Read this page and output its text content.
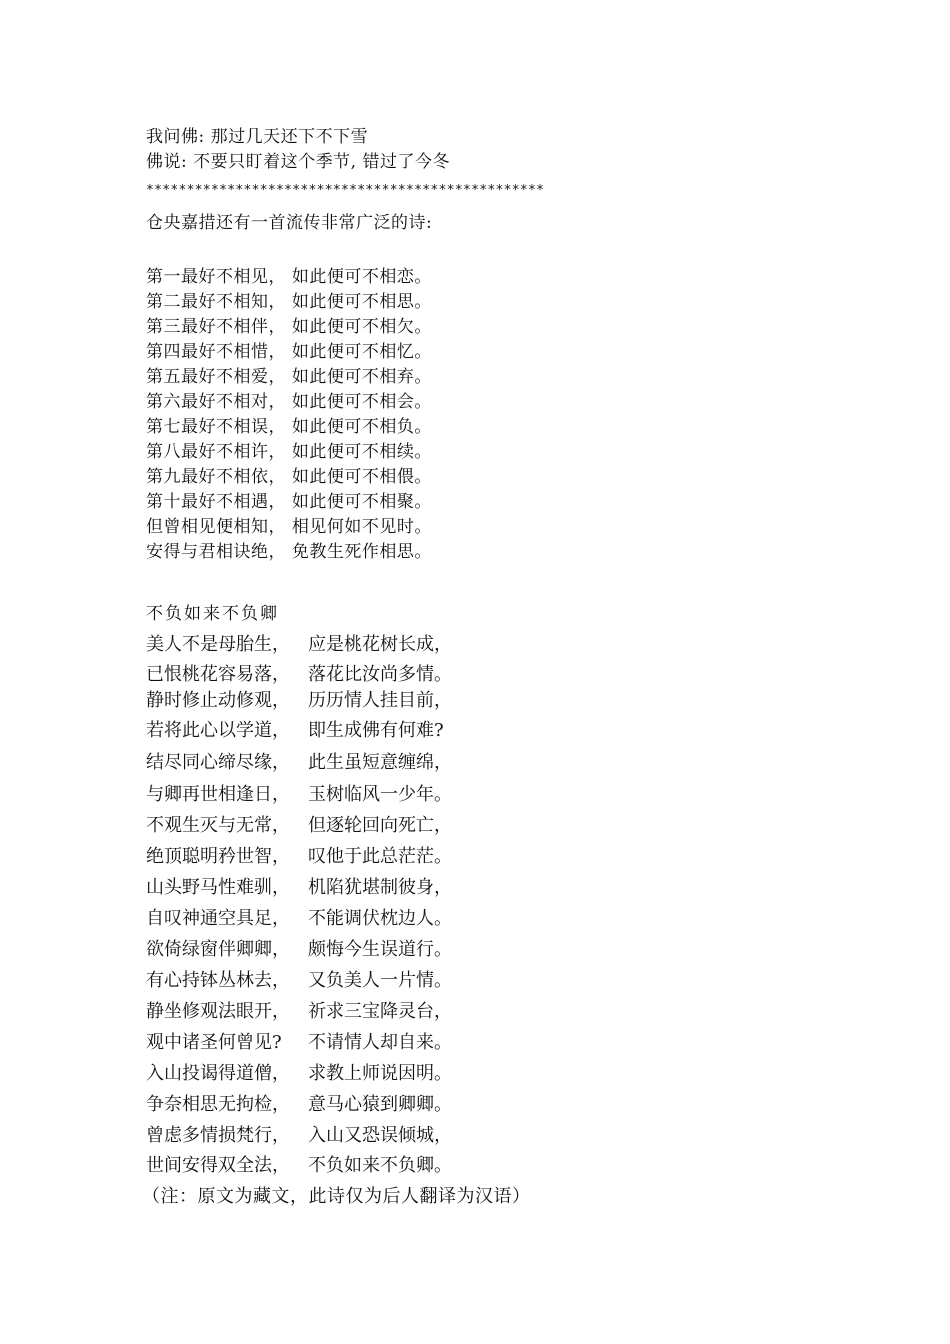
我问佛: 那过几天还下不下雪
佛说: 不要只盯着这个季节, 错过了今冬
*************************************************
仓央嘉措还有一首流传非常广泛的诗:
第一最好不相见， 如此便可不相恋。
第二最好不相知， 如此便可不相思。
第三最好不相伴， 如此便可不相欠。
第四最好不相惜， 如此便可不相忆。
第五最好不相爱， 如此便可不相弃。
第六最好不相对， 如此便可不相会。
第七最好不相误， 如此便可不相负。
第八最好不相许， 如此便可不相续。
第九最好不相依， 如此便可不相偎。
第十最好不相遇， 如此便可不相聚。
但曾相见便相知， 相见何如不见时。
安得与君相诀绝， 免教生死作相思。
不负如来不负卿
美人不是母胎生， 应是桃花树长成，
已恨桃花容易落， 落花比汝尚多情。
静时修止动修观， 历历情人挂目前，
若将此心以学道， 即生成佛有何难?
结尽同心缔尽缘， 此生虽短意缠绵，
与卿再世相逢日， 玉树临风一少年。
不观生灭与无常， 但逐轮回向死亡，
绝顶聪明矜世智， 叹他于此总茫茫。
山头野马性难驯， 机陷犹堪制彼身，
自叹神通空具足， 不能调伏枕边人。
欲倚绿窗伴卿卿， 颇悔今生误道行。
有心持钵丛林去， 又负美人一片情。
静坐修观法眼开， 祈求三宝降灵台，
观中诸圣何曾见? 不请情人却自来。
入山投谒得道僧， 求教上师说因明。
争奈相思无拘检， 意马心猿到卿卿。
曾虑多情损梵行， 入山又恐误倾城，
世间安得双全法， 不负如来不负卿。
（注：原文为藏文，此诗仅为后人翻译为汉语）
